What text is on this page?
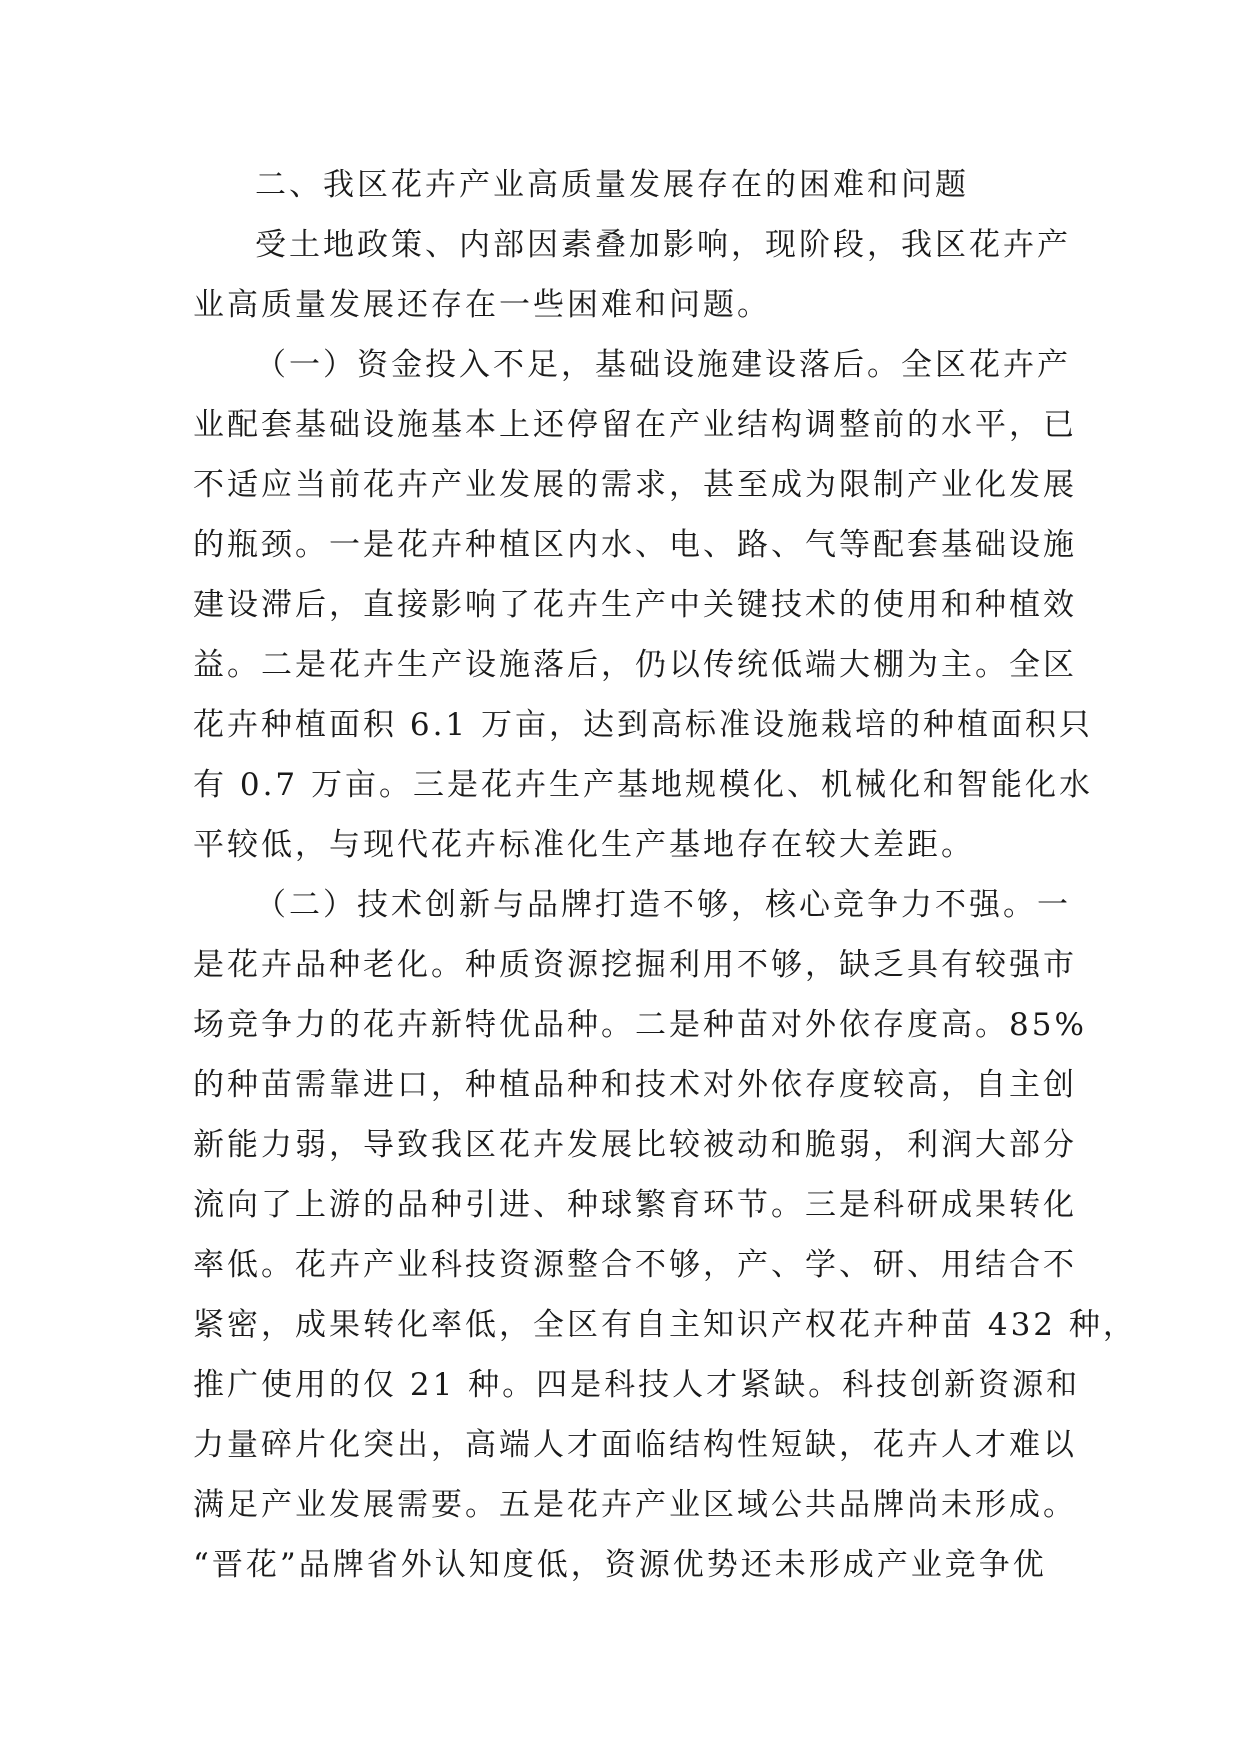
二、我区花卉产业高质量发展存在的困难和问题
受土地政策、内部因素叠加影响，现阶段，我区花卉产
业高质量发展还存在一些困难和问题。
（一）资金投入不足，基础设施建设落后。全区花卉产
业配套基础设施基本上还停留在产业结构调整前的水平，已
不适应当前花卉产业发展的需求，甚至成为限制产业化发展
的瓶颈。一是花卉种植区内水、电、路、气等配套基础设施
建设滞后，直接影响了花卉生产中关键技术的使用和种植效
益。二是花卉生产设施落后，仍以传统低端大棚为主。全区
花卉种植面积 6.1 万亩，达到高标准设施栽培的种植面积只
有 0.7 万亩。三是花卉生产基地规模化、机械化和智能化水
平较低，与现代花卉标准化生产基地存在较大差距。
（二）技术创新与品牌打造不够，核心竞争力不强。一
是花卉品种老化。种质资源挖掘利用不够，缺乏具有较强市
场竞争力的花卉新特优品种。二是种苗对外依存度高。85%
的种苗需靠进口，种植品种和技术对外依存度较高，自主创
新能力弱，导致我区花卉发展比较被动和脆弱，利润大部分
流向了上游的品种引进、种球繁育环节。三是科研成果转化
率低。花卉产业科技资源整合不够，产、学、研、用结合不
紧密，成果转化率低，全区有自主知识产权花卉种苗 432 种，
推广使用的仅 21 种。四是科技人才紧缺。科技创新资源和
力量碎片化突出，高端人才面临结构性短缺，花卉人才难以
满足产业发展需要。五是花卉产业区域公共品牌尚未形成。
“晋花”品牌省外认知度低，资源优势还未形成产业竞争优
